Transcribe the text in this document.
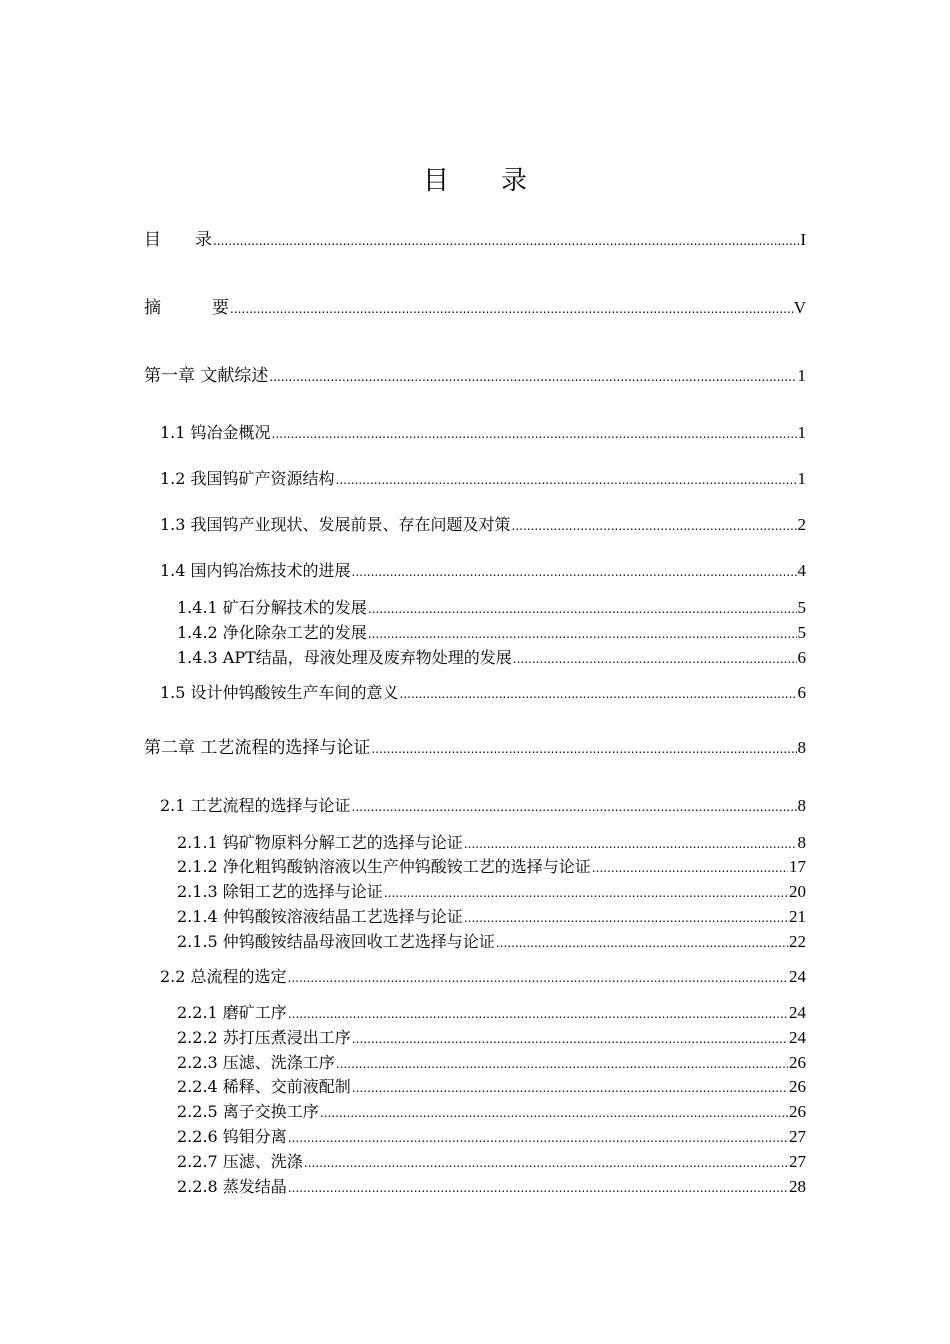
目　　录
目　　录 .....	I
摘　　　要 .....	V
第一章 文献综述 .....	1
1.1 钨冶金概况 .....	1
1.2 我国钨矿产资源结构 .....	1
1.3 我国钨产业现状、发展前景、存在问题及对策 .....	2
1.4 国内钨冶炼技术的进展 .....	4
1.4.1 矿石分解技术的发展 .....	5
1.4.2 净化除杂工艺的发展 .....	5
1.4.3 APT结晶，母液处理及废弃物处理的发展 .....	6
1.5 设计仲钨酸铵生产车间的意义 .....	6
第二章 工艺流程的选择与论证 .....	8
2.1 工艺流程的选择与论证 .....	8
2.1.1 钨矿物原料分解工艺的选择与论证 .....	8
2.1.2 净化粗钨酸钠溶液以生产仲钨酸铵工艺的选择与论证 .....	17
2.1.3 除钼工艺的选择与论证 .....	20
2.1.4 仲钨酸铵溶液结晶工艺选择与论证 .....	21
2.1.5 仲钨酸铵结晶母液回收工艺选择与论证 .....	22
2.2 总流程的选定 .....	24
2.2.1 磨矿工序 .....	24
2.2.2 苏打压煮浸出工序 .....	24
2.2.3 压滤、洗涤工序 .....	26
2.2.4 稀释、交前液配制 .....	26
2.2.5 离子交换工序 .....	26
2.2.6 钨钼分离 .....	27
2.2.7 压滤、洗涤 .....	27
2.2.8 蒸发结晶 .....	28
